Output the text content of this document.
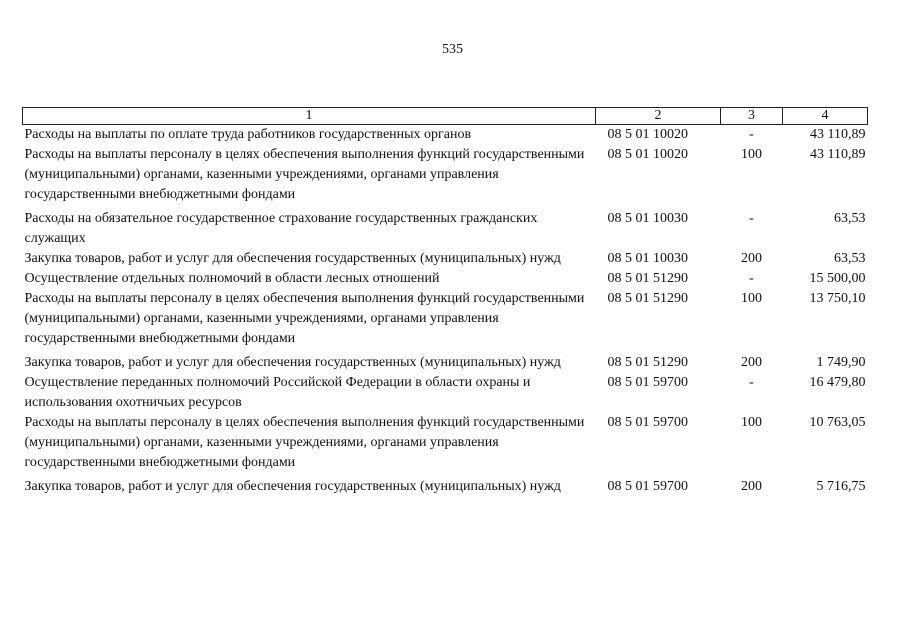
535
1	2	3	4
Расходы на выплаты по оплате труда работников государственных органов	08 5 01 10020	-	43 110,89
Расходы на выплаты персоналу в целях обеспечения выполнения функций государственными (муниципальными) органами, казенными учреждениями, органами управления государственными внебюджетными фондами	08 5 01 10020	100	43 110,89
Расходы на обязательное государственное страхование государственных гражданских служащих	08 5 01 10030	-	63,53
Закупка товаров, работ и услуг для обеспечения государственных (муниципальных) нужд	08 5 01 10030	200	63,53
Осуществление отдельных полномочий в области лесных отношений	08 5 01 51290	-	15 500,00
Расходы на выплаты персоналу в целях обеспечения выполнения функций государственными (муниципальными) органами, казенными учреждениями, органами управления государственными внебюджетными фондами	08 5 01 51290	100	13 750,10
Закупка товаров, работ и услуг для обеспечения государственных (муниципальных) нужд	08 5 01 51290	200	1 749,90
Осуществление переданных полномочий Российской Федерации в области охраны и использования охотничьих ресурсов	08 5 01 59700	-	16 479,80
Расходы на выплаты персоналу в целях обеспечения выполнения функций государственными (муниципальными) органами, казенными учреждениями, органами управления государственными внебюджетными фондами	08 5 01 59700	100	10 763,05
Закупка товаров, работ и услуг для обеспечения государственных (муниципальных) нужд	08 5 01 59700	200	5 716,75
